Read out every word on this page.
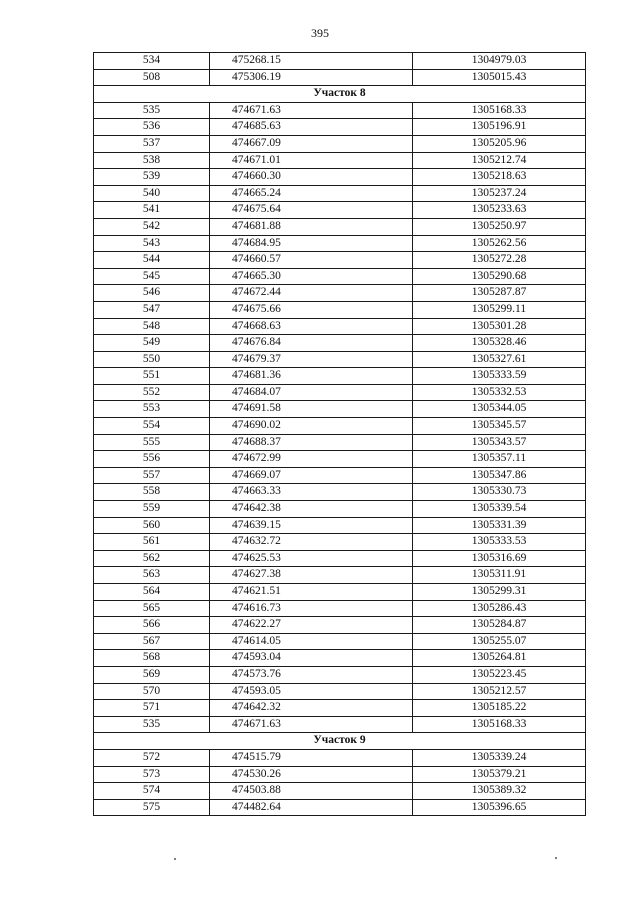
395
534	475268.15	1304979.03
508	475306.19	1305015.43
Участок 8		
535	474671.63	1305168.33
536	474685.63	1305196.91
537	474667.09	1305205.96
538	474671.01	1305212.74
539	474660.30	1305218.63
540	474665.24	1305237.24
541	474675.64	1305233.63
542	474681.88	1305250.97
543	474684.95	1305262.56
544	474660.57	1305272.28
545	474665.30	1305290.68
546	474672.44	1305287.87
547	474675.66	1305299.11
548	474668.63	1305301.28
549	474676.84	1305328.46
550	474679.37	1305327.61
551	474681.36	1305333.59
552	474684.07	1305332.53
553	474691.58	1305344.05
554	474690.02	1305345.57
555	474688.37	1305343.57
556	474672.99	1305357.11
557	474669.07	1305347.86
558	474663.33	1305330.73
559	474642.38	1305339.54
560	474639.15	1305331.39
561	474632.72	1305333.53
562	474625.53	1305316.69
563	474627.38	1305311.91
564	474621.51	1305299.31
565	474616.73	1305286.43
566	474622.27	1305284.87
567	474614.05	1305255.07
568	474593.04	1305264.81
569	474573.76	1305223.45
570	474593.05	1305212.57
571	474642.32	1305185.22
535	474671.63	1305168.33
Участок 9		
572	474515.79	1305339.24
573	474530.26	1305379.21
574	474503.88	1305389.32
575	474482.64	1305396.65
